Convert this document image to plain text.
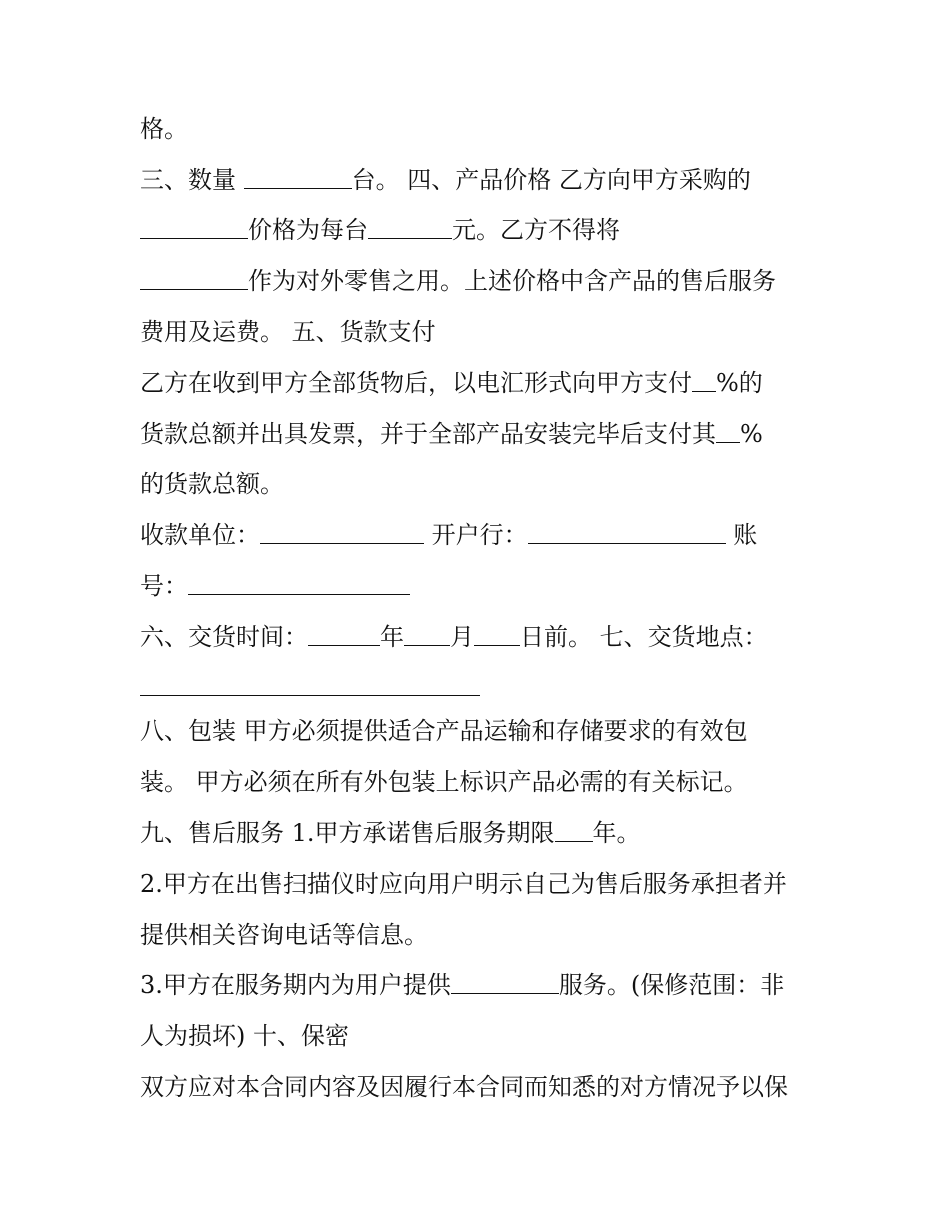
格。

三、数量	台。 四、产品价格 乙方向甲方采购的

价格为每台	元。乙方不得将

作为对外零售之用。上述价格中含产品的售后服务

费用及运费。 五、货款支付

乙方在收到甲方全部货物后，以电汇形式向甲方支付 %的

货款总额并出具发票，并于全部产品安装完毕后支付其 %

的货款总额。

收款单位：	开户行：	账

号：

六、交货时间：	年 月 日前。 七、交货地点：

八、包装 甲方必须提供适合产品运输和存储要求的有效包

装。 甲方必须在所有外包装上标识产品必需的有关标记。

九、售后服务 1.甲方承诺售后服务期限 年。

2.甲方在出售扫描仪时应向用户明示自己为售后服务承担者并

提供相关咨询电话等信息。

3.甲方在服务期内为用户提供	服务。(保修范围：非

人为损坏) 十、保密

双方应对本合同内容及因履行本合同而知悉的对方情况予以保
